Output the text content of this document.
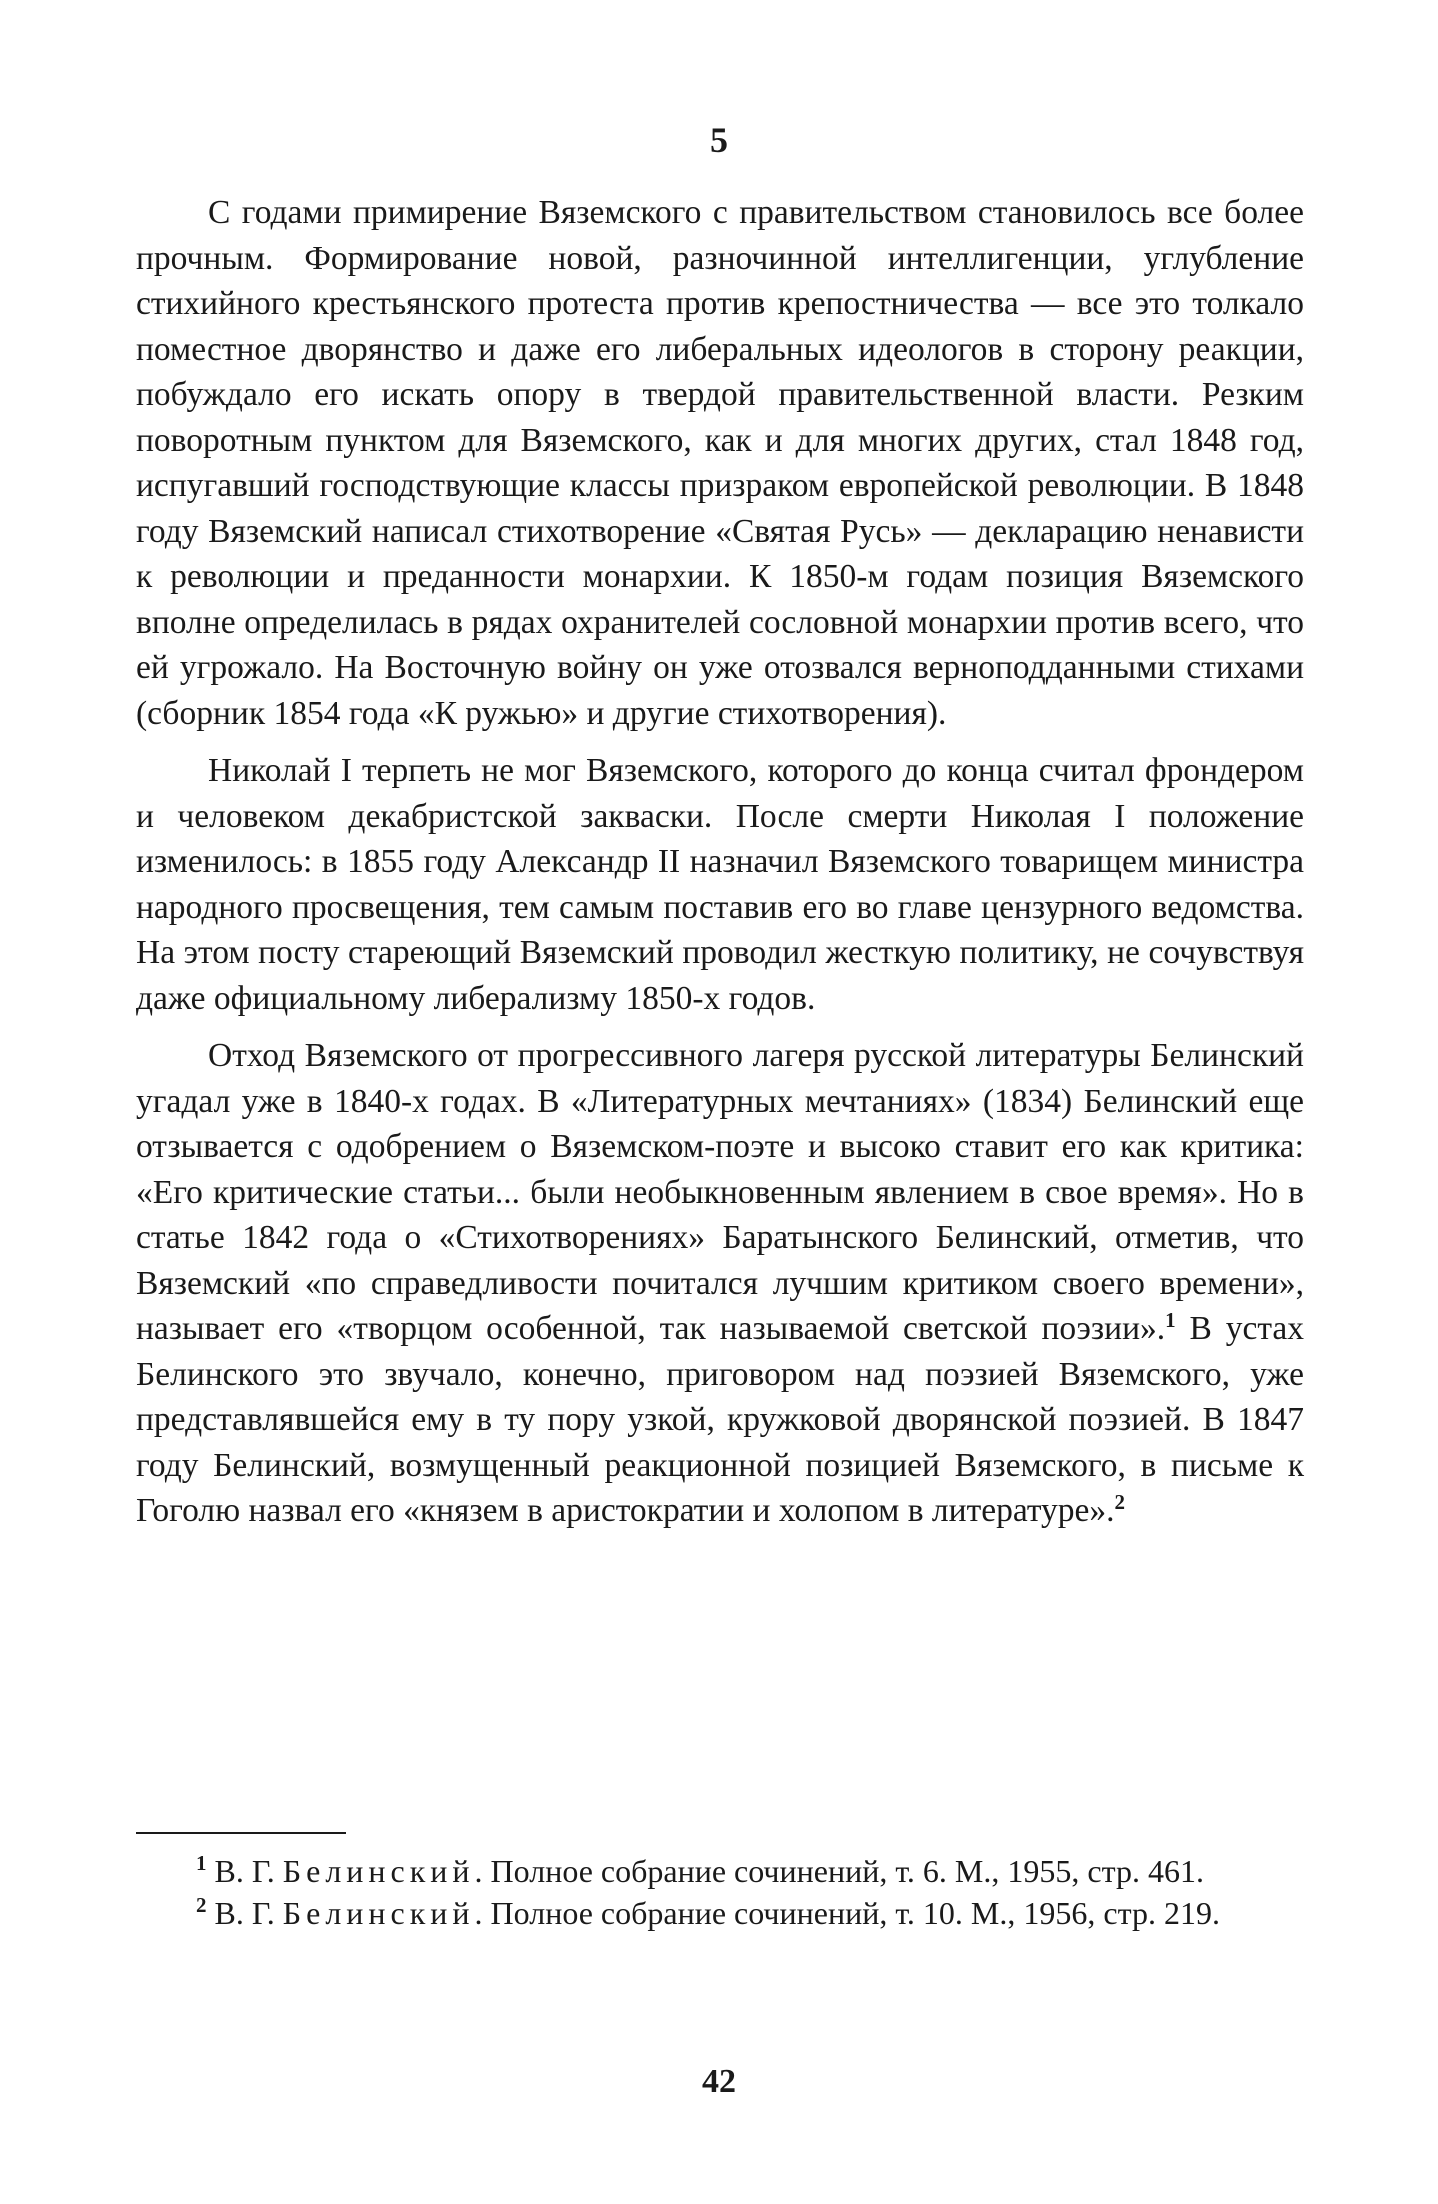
5

С годами примирение Вяземского с правительством становилось все более прочным. Формирование новой, разночинной интеллигенции, углубление стихийного крестьянского протеста против крепостничества — все это толкало поместное дворянство и даже его либеральных идеологов в сторону реакции, побуждало его искать опору в твердой правительственной власти. Резким поворотным пунктом для Вяземского, как и для многих других, стал 1848 год, испугавший господствующие классы призраком европейской революции. В 1848 году Вяземский написал стихотворение «Святая Русь» — декларацию ненависти к революции и преданности монархии. К 1850-м годам позиция Вяземского вполне определилась в рядах охранителей сословной монархии против всего, что ей угрожало. На Восточную войну он уже отозвался верноподданными стихами (сборник 1854 года «К ружью» и другие стихотворения).

Николай I терпеть не мог Вяземского, которого до конца считал фрондером и человеком декабристской закваски. После смерти Николая I положение изменилось: в 1855 году Александр II назначил Вяземского товарищем министра народного просвещения, тем самым поставив его во главе цензурного ведомства. На этом посту стареющий Вяземский проводил жесткую политику, не сочувствуя даже официальному либерализму 1850-х годов.

Отход Вяземского от прогрессивного лагеря русской литературы Белинский угадал уже в 1840-х годах. В «Литературных мечтаниях» (1834) Белинский еще отзывается с одобрением о Вяземском-поэте и высоко ставит его как критика: «Его критические статьи... были необыкновенным явлением в свое время». Но в статье 1842 года о «Стихотворениях» Баратынского Белинский, отметив, что Вяземский «по справедливости почитался лучшим критиком своего времени», называет его «творцом особенной, так называемой светской поэзии».$^1$ В устах Белинского это звучало, конечно, приговором над поэзией Вяземского, уже представлявшейся ему в ту пору узкой, кружковой дворянской поэзией. В 1847 году Белинский, возмущенный реакционной позицией Вяземского, в письме к Гоголю назвал его «князем в аристократии и холопом в литературе».$^2$

$^1$ В. Г. Белинский. Полное собрание сочинений, т. 6. М., 1955, стр. 461.

$^2$ В. Г. Белинский. Полное собрание сочинений, т. 10. М., 1956, стр. 219.

42
